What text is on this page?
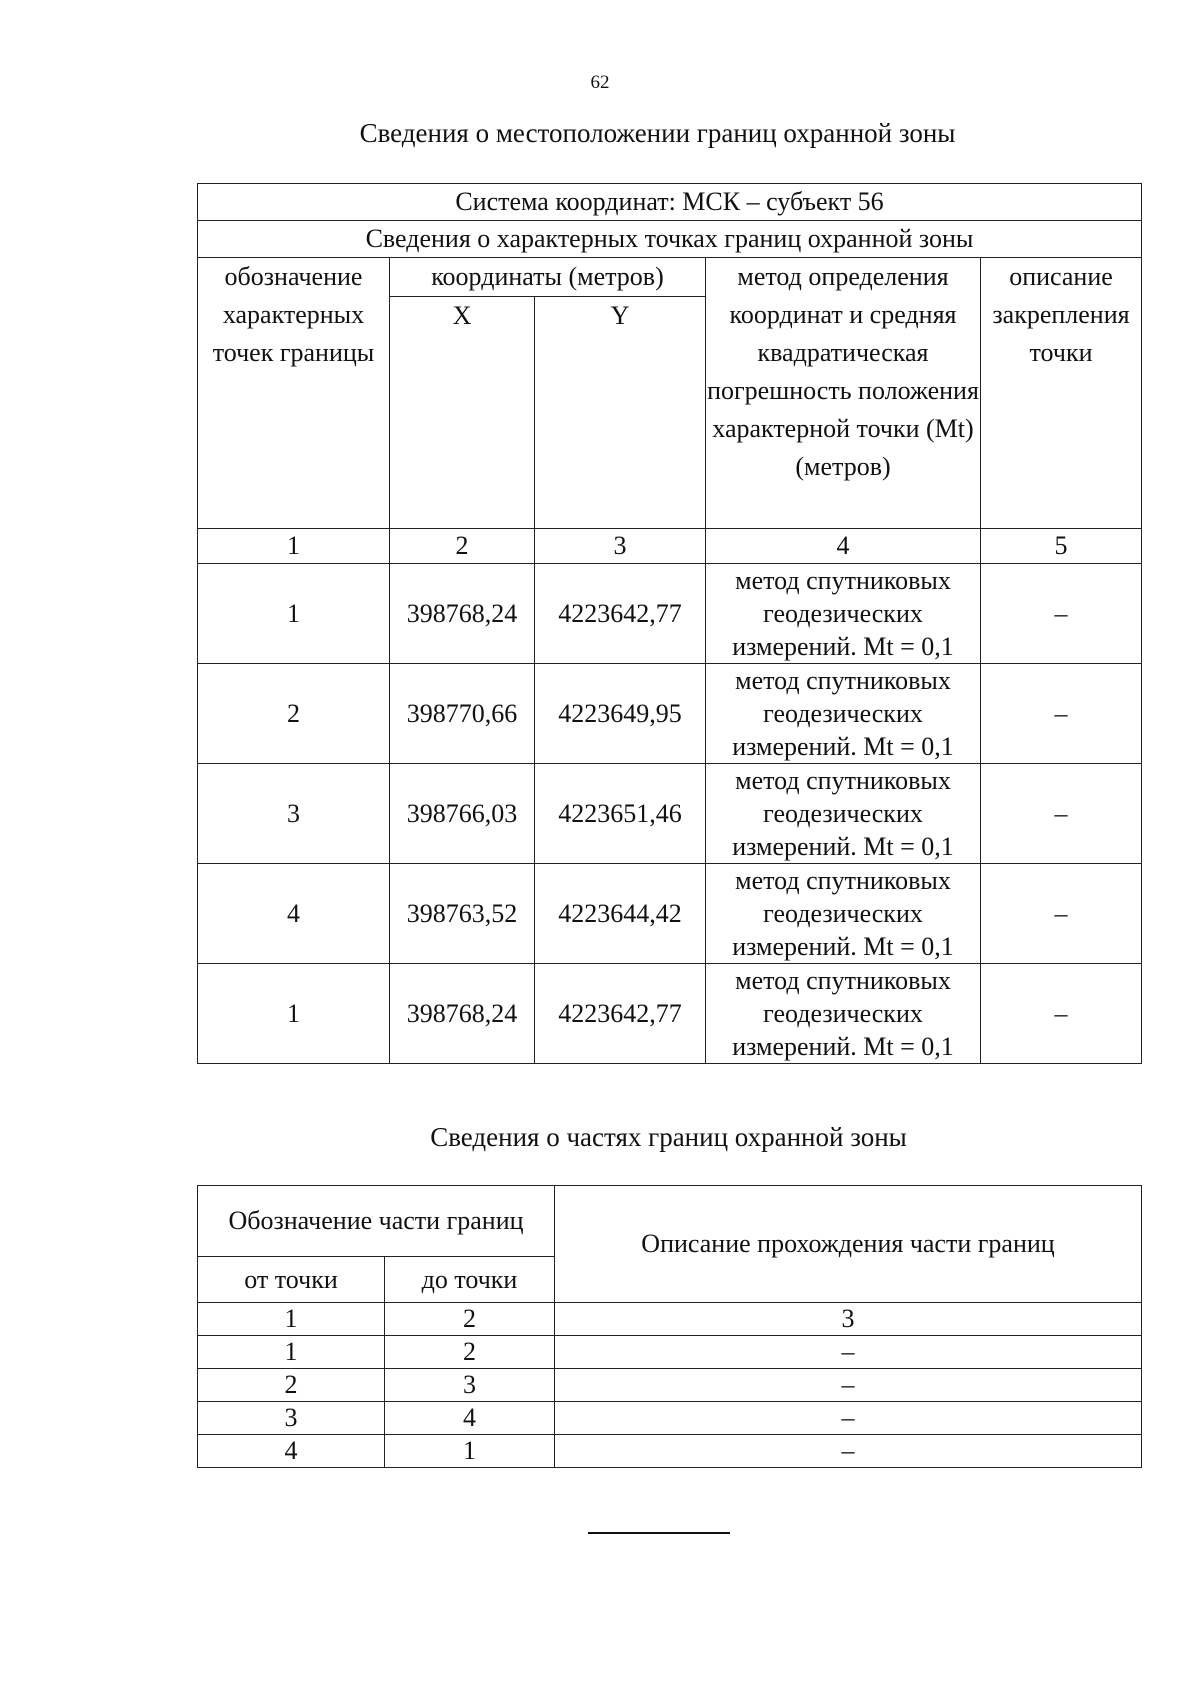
62
Сведения о местоположении границ охранной зоны
Система координат: МСК – субъект 56				
Сведения о характерных точках границ охранной зоны				
обозначение характерных точек границы	координаты (метров)		метод определения координат и средняя квадратическая погрешность положения характерной точки (Mt) (метров)	описание закрепления точки
	X	Y		
1	2	3	4	5
1	398768,24	4223642,77	метод спутниковых геодезических измерений. Mt = 0,1	–
2	398770,66	4223649,95	метод спутниковых геодезических измерений. Mt = 0,1	–
3	398766,03	4223651,46	метод спутниковых геодезических измерений. Mt = 0,1	–
4	398763,52	4223644,42	метод спутниковых геодезических измерений. Mt = 0,1	–
1	398768,24	4223642,77	метод спутниковых геодезических измерений. Mt = 0,1	–
Сведения о частях границ охранной зоны
Обозначение части границ		Описание прохождения части границ
от точки	до точки	
1	2	3
1	2	–
2	3	–
3	4	–
4	1	–
